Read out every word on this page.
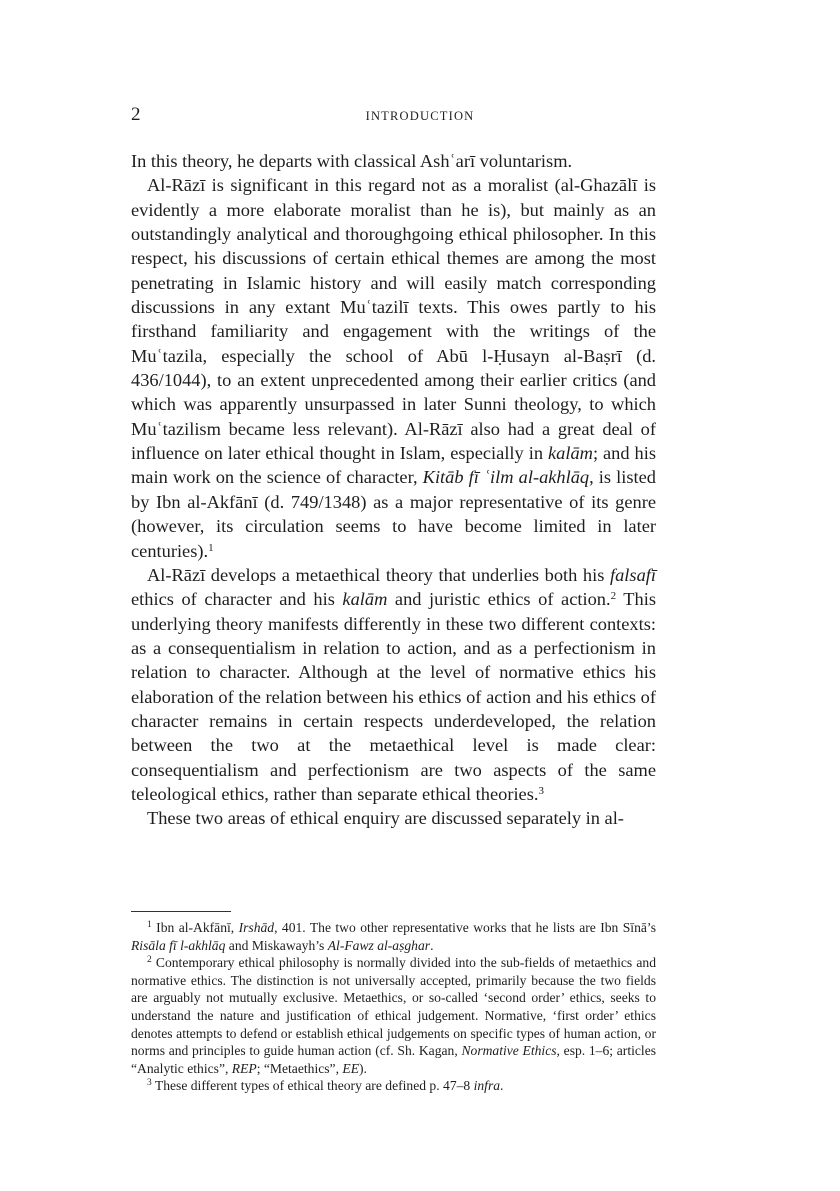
2	INTRODUCTION

In this theory, he departs with classical Ashʿarī voluntarism.

Al-Rāzī is significant in this regard not as a moralist (al-Ghazālī is evidently a more elaborate moralist than he is), but mainly as an outstandingly analytical and thoroughgoing ethical philosopher. In this respect, his discussions of certain ethical themes are among the most penetrating in Islamic history and will easily match corresponding discussions in any extant Muʿtazilī texts. This owes partly to his firsthand familiarity and engagement with the writings of the Muʿtazila, especially the school of Abū l-Ḥusayn al-Baṣrī (d. 436/1044), to an extent unprecedented among their earlier critics (and which was apparently unsurpassed in later Sunni theology, to which Muʿtazilism became less relevant). Al-Rāzī also had a great deal of influence on later ethical thought in Islam, especially in kalām; and his main work on the science of character, Kitāb fī ʿilm al-akhlāq, is listed by Ibn al-Akfānī (d. 749/1348) as a major representative of its genre (however, its circulation seems to have become limited in later centuries).$^1$

Al-Rāzī develops a metaethical theory that underlies both his falsafī ethics of character and his kalām and juristic ethics of action.$^2$ This underlying theory manifests differently in these two different contexts: as a consequentialism in relation to action, and as a perfectionism in relation to character. Although at the level of normative ethics his elaboration of the relation between his ethics of action and his ethics of character remains in certain respects underdeveloped, the relation between the two at the metaethical level is made clear: consequentialism and perfectionism are two aspects of the same teleological ethics, rather than separate ethical theories.$^3$

These two areas of ethical enquiry are discussed separately in al-

$^1$ Ibn al-Akfānī, Irshād, 401. The two other representative works that he lists are Ibn Sīnā’s Risāla fī l-akhlāq and Miskawayh’s Al-Fawz al-aṣghar.

$^2$ Contemporary ethical philosophy is normally divided into the sub-fields of metaethics and normative ethics. The distinction is not universally accepted, primarily because the two fields are arguably not mutually exclusive. Metaethics, or so-called ‘second order’ ethics, seeks to understand the nature and justification of ethical judgement. Normative, ‘first order’ ethics denotes attempts to defend or establish ethical judgements on specific types of human action, or norms and principles to guide human action (cf. Sh. Kagan, Normative Ethics, esp. 1–6; articles “Analytic ethics”, REP; “Metaethics”, EE).

$^3$ These different types of ethical theory are defined p. 47–8 infra.
